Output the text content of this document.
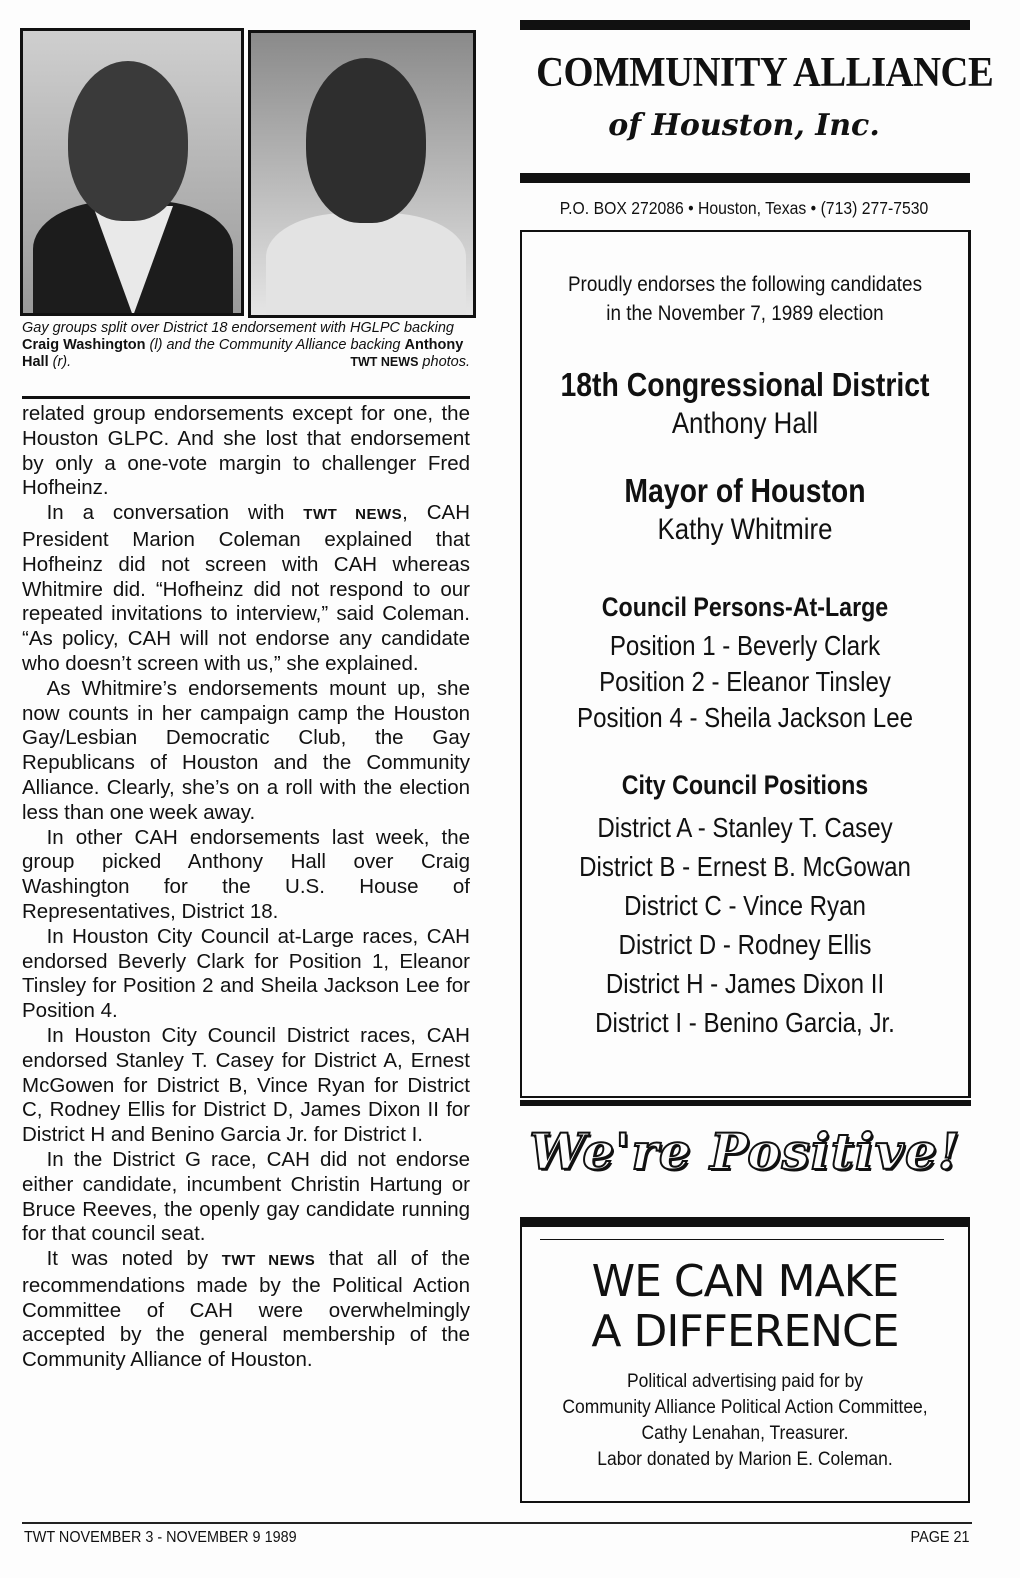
Gay groups split over District 18 endorsement with HGLPC backing Craig Washington (l) and the Community Alliance backing Anthony Hall (r).	TWT NEWS photos.

related group endorsements except for one, the Houston GLPC. And she lost that endorsement by only a one-vote margin to challenger Fred Hofheinz.

In a conversation with TWT NEWS, CAH President Marion Coleman explained that Hofheinz did not screen with CAH whereas Whitmire did. “Hofheinz did not respond to our repeated invitations to interview,” said Coleman. “As policy, CAH will not endorse any candidate who doesn’t screen with us,” she explained.

As Whitmire’s endorsements mount up, she now counts in her campaign camp the Houston Gay/Lesbian Democratic Club, the Gay Republicans of Houston and the Community Alliance. Clearly, she’s on a roll with the election less than one week away.

In other CAH endorsements last week, the group picked Anthony Hall over Craig Washington for the U.S. House of Representatives, District 18.

In Houston City Council at-Large races, CAH endorsed Beverly Clark for Position 1, Eleanor Tinsley for Position 2 and Sheila Jackson Lee for Position 4.

In Houston City Council District races, CAH endorsed Stanley T. Casey for District A, Ernest McGowen for District B, Vince Ryan for District C, Rodney Ellis for District D, James Dixon II for District H and Benino Garcia Jr. for District I.

In the District G race, CAH did not endorse either candidate, incumbent Christin Hartung or Bruce Reeves, the openly gay candidate running for that council seat.

It was noted by TWT NEWS that all of the recommendations made by the Political Action Committee of CAH were overwhelmingly accepted by the general membership of the Community Alliance of Houston.

COMMUNITY ALLIANCE
of Houston, Inc.
P.O. BOX 272086 • Houston, Texas • (713) 277-7530
Proudly endorses the following candidates
in the November 7, 1989 election
18th Congressional District
Anthony Hall
Mayor of Houston
Kathy Whitmire
Council Persons-At-Large
Position 1 - Beverly Clark
Position 2 - Eleanor Tinsley
Position 4 - Sheila Jackson Lee
City Council Positions
District A - Stanley T. Casey
District B - Ernest B. McGowan
District C - Vince Ryan
District D - Rodney Ellis
District H - James Dixon II
District I - Benino Garcia, Jr.
We're Positive!
WE CAN MAKE
A DIFFERENCE
Political advertising paid for by
Community Alliance Political Action Committee,
Cathy Lenahan, Treasurer.
Labor donated by Marion E. Coleman.
TWT NOVEMBER 3 - NOVEMBER 9 1989	PAGE 21
